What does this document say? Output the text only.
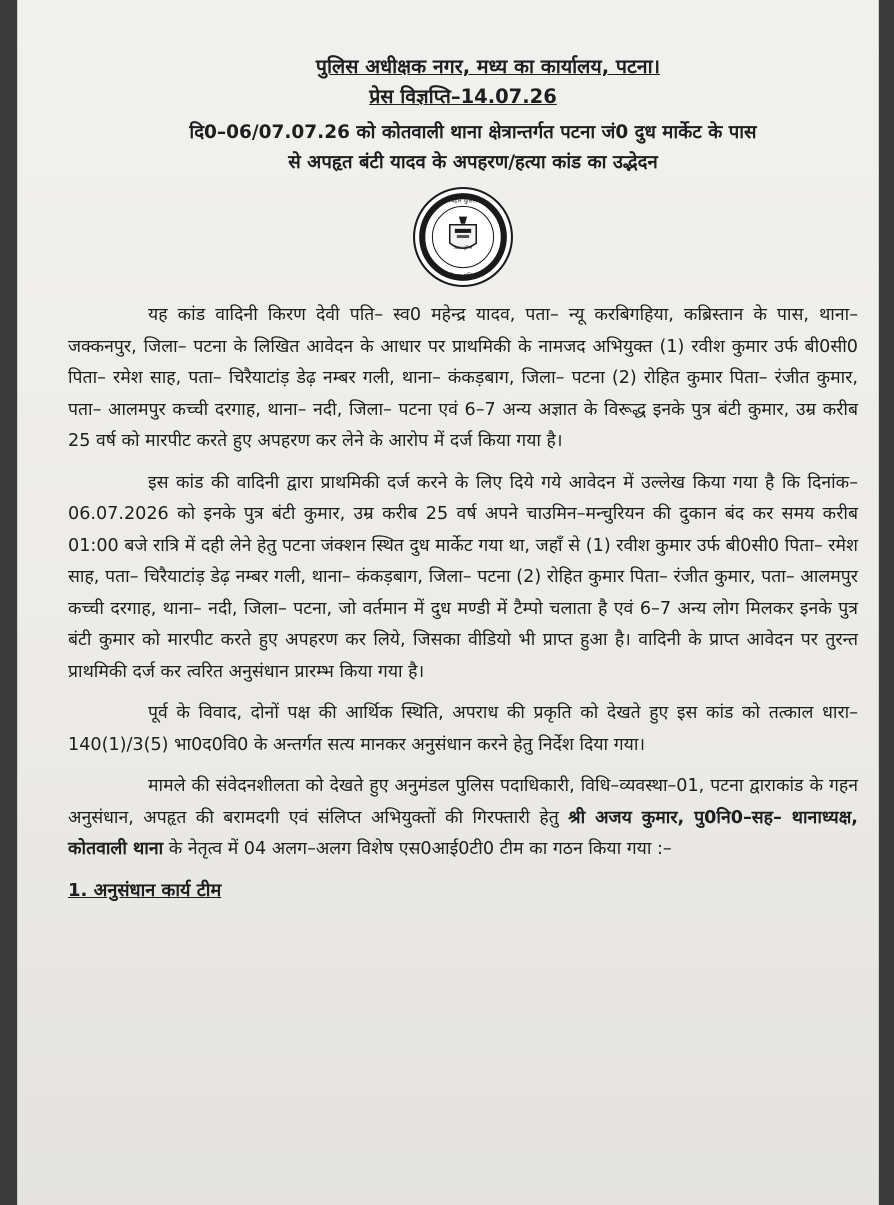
पुलिस अधीक्षक नगर, मध्य का कार्यालय, पटना।

प्रेस विज्ञप्ति–14.07.26

दि0–06/07.07.26 को कोतवाली थाना क्षेत्रान्तर्गत पटना जं0 दुध मार्केट के पास

से अपहृत बंटी यादव के अपहरण/हत्या कांड का उद्भेदन

बिहार पुलिस
बिहार पुलिस
बिहार पुलिस

यह कांड वादिनी किरण देवी पति– स्व0 महेन्द्र यादव, पता– न्यू करबिगहिया, कब्रिस्तान के पास, थाना– जक्कनपुर, जिला– पटना के लिखित आवेदन के आधार पर प्राथमिकी के नामजद अभियुक्त (1) रवीश कुमार उर्फ बी0सी0 पिता– रमेश साह, पता– चिरैयाटांड़ डेढ़ नम्बर गली, थाना– कंकड़बाग, जिला– पटना (2) रोहित कुमार पिता– रंजीत कुमार, पता– आलमपुर कच्ची दरगाह, थाना– नदी, जिला– पटना एवं 6–7 अन्य अज्ञात के विरूद्ध इनके पुत्र बंटी कुमार, उम्र करीब 25 वर्ष को मारपीट करते हुए अपहरण कर लेने के आरोप में दर्ज किया गया है।

इस कांड की वादिनी द्वारा प्राथमिकी दर्ज करने के लिए दिये गये आवेदन में उल्लेख किया गया है कि दिनांक– 06.07.2026 को इनके पुत्र बंटी कुमार, उम्र करीब 25 वर्ष अपने चाउमिन–मन्चुरियन की दुकान बंद कर समय करीब 01:00 बजे रात्रि में दही लेने हेतु पटना जंक्शन स्थित दुध मार्केट गया था, जहाँ से (1) रवीश कुमार उर्फ बी0सी0 पिता– रमेश साह, पता– चिरैयाटांड़ डेढ़ नम्बर गली, थाना– कंकड़बाग, जिला– पटना (2) रोहित कुमार पिता– रंजीत कुमार, पता– आलमपुर कच्ची दरगाह, थाना– नदी, जिला– पटना, जो वर्तमान में दुध मण्डी में टैम्पो चलाता है एवं 6–7 अन्य लोग मिलकर इनके पुत्र बंटी कुमार को मारपीट करते हुए अपहरण कर लिये, जिसका वीडियो भी प्राप्त हुआ है। वादिनी के प्राप्त आवेदन पर तुरन्त प्राथमिकी दर्ज कर त्वरित अनुसंधान प्रारम्भ किया गया है।

पूर्व के विवाद, दोनों पक्ष की आर्थिक स्थिति, अपराध की प्रकृति को देखते हुए इस कांड को तत्काल धारा– 140(1)/3(5) भा0द0वि0 के अन्तर्गत सत्य मानकर अनुसंधान करने हेतु निर्देश दिया गया।

मामले की संवेदनशीलता को देखते हुए अनुमंडल पुलिस पदाधिकारी, विधि–व्यवस्था–01, पटना द्वाराकांड के गहन अनुसंधान, अपहृत की बरामदगी एवं संलिप्त अभियुक्तों की गिरफ्तारी हेतु श्री अजय कुमार, पु0नि0–सह– थानाध्यक्ष, कोतवाली थाना के नेतृत्व में 04 अलग–अलग विशेष एस0आई0टी0 टीम का गठन किया गया :–

1. अनुसंधान कार्य टीम
